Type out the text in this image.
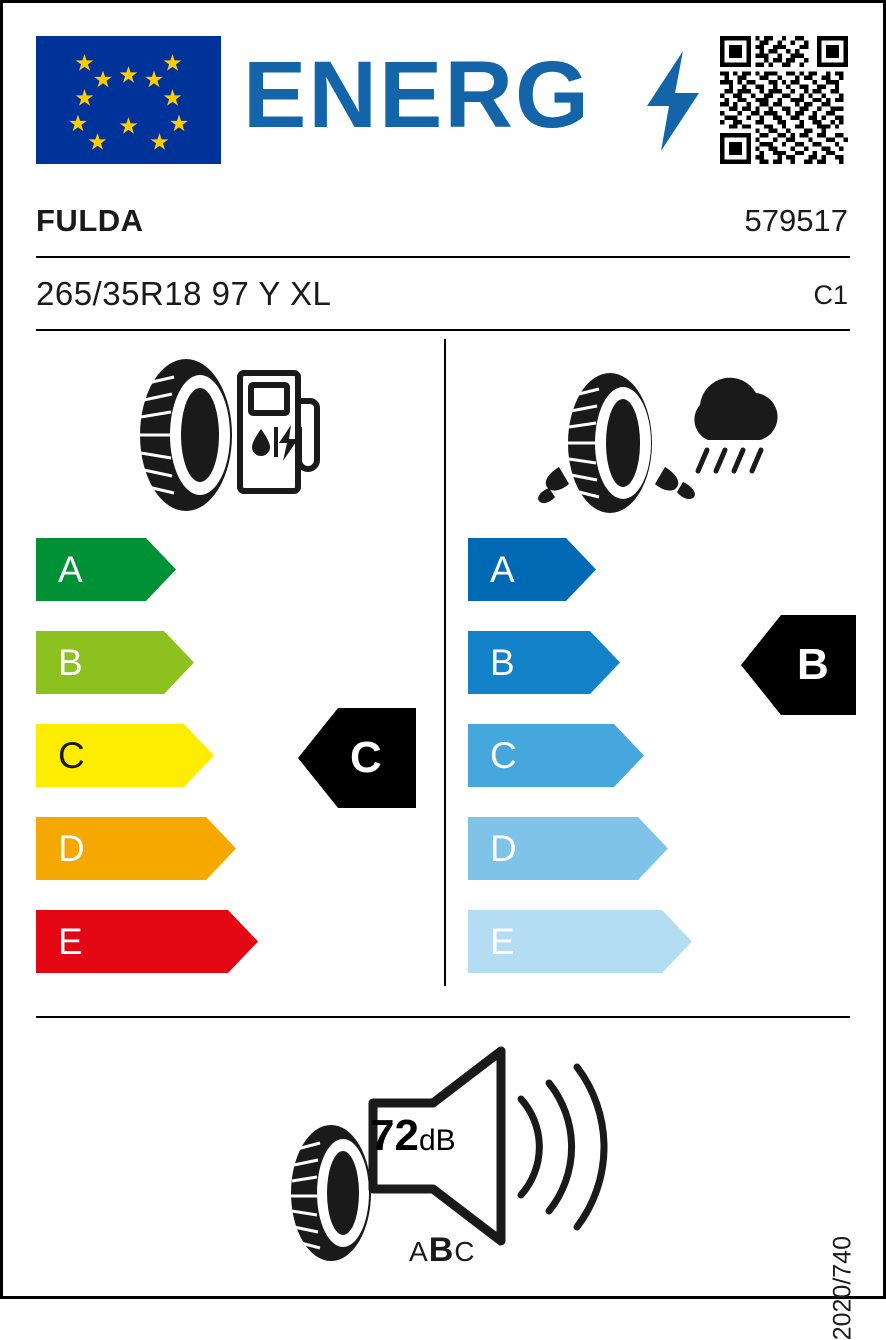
ENERG
FULDA	579517
265/35R18 97 Y XL	C1
A
B
C
D
E
C
A
B
C
D
E
B
72dB
ABC	2020/740
